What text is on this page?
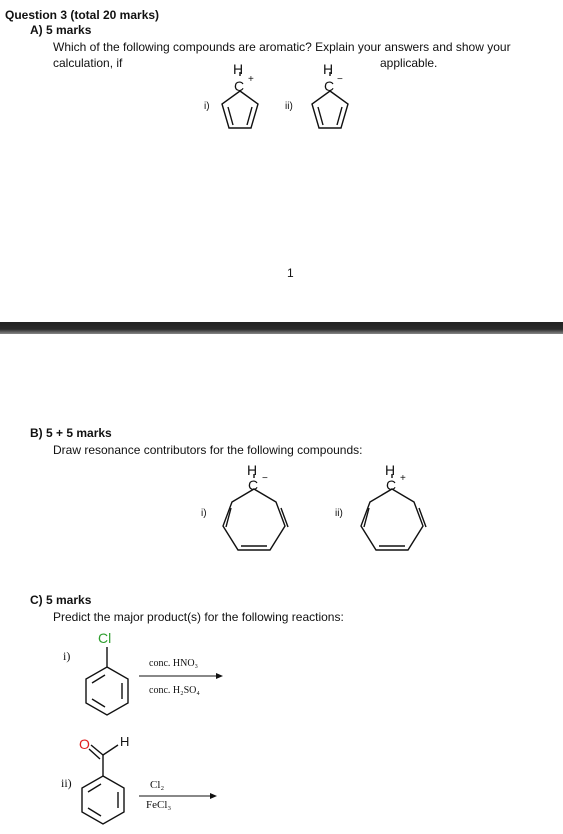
Question 3 (total 20 marks)
A) 5 marks
Which of the following compounds are aromatic? Explain your answers and show your
calculation, if	applicable.
i)	ii)
H
C +
H
C −
H
C −
H
C +
Cl
O H
1
B) 5 + 5 marks
Draw resonance contributors for the following compounds:
i)	ii)
C) 5 marks
Predict the major product(s) for the following reactions:
i)
ii)
conc. HNO₃
conc. H₂SO₄
Cl₂
FeCl₃
